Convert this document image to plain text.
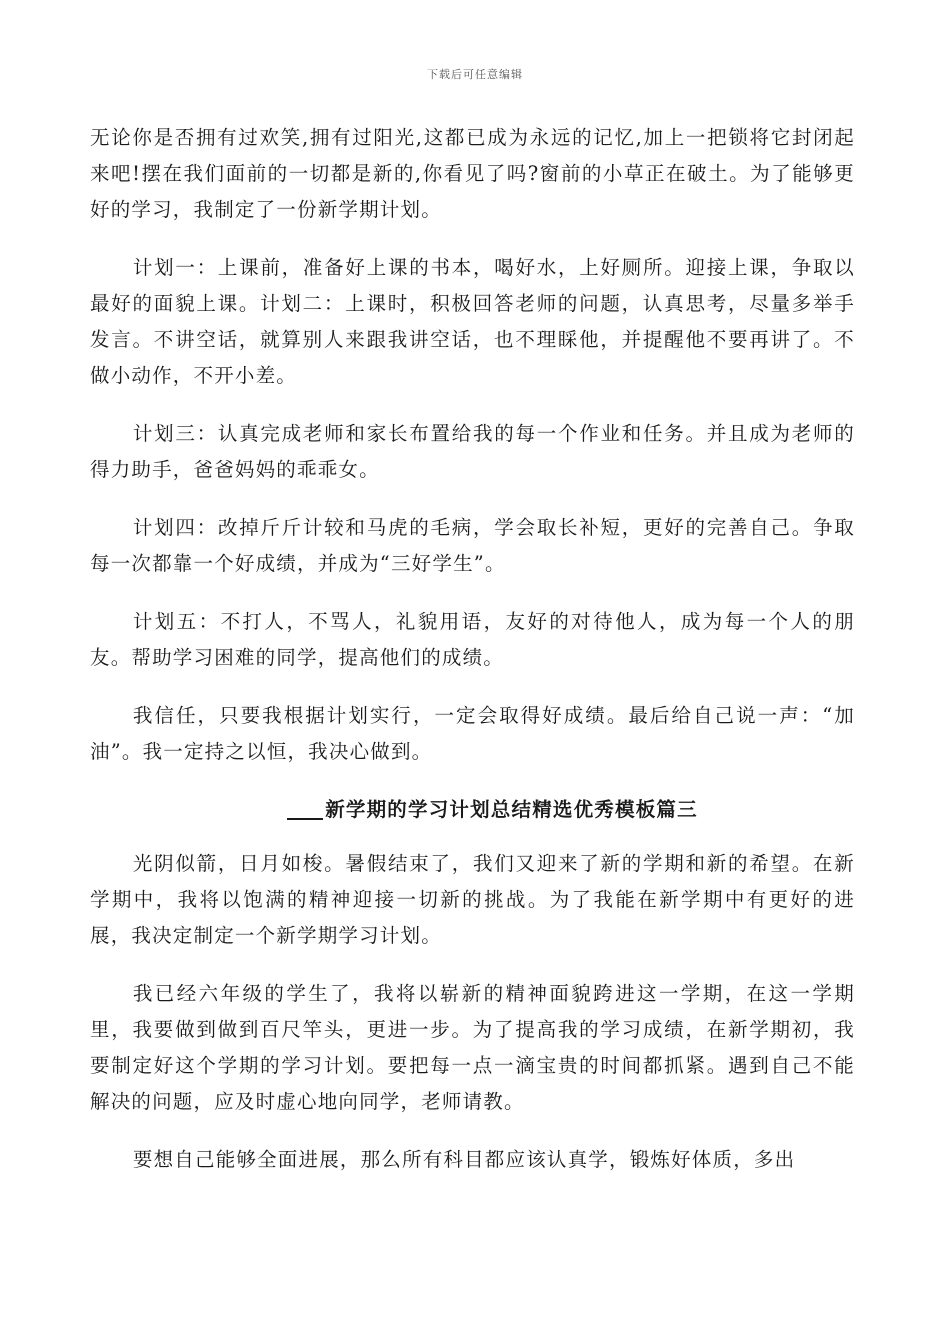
下载后可任意编辑

无论你是否拥有过欢笑,拥有过阳光,这都已成为永远的记忆,加上一把锁将它封闭起来吧!摆在我们面前的一切都是新的,你看见了吗?窗前的小草正在破土。为了能够更好的学习，我制定了一份新学期计划。

计划一：上课前，准备好上课的书本，喝好水，上好厕所。迎接上课，争取以最好的面貌上课。计划二：上课时，积极回答老师的问题，认真思考，尽量多举手发言。不讲空话，就算别人来跟我讲空话，也不理睬他，并提醒他不要再讲了。不做小动作，不开小差。

计划三：认真完成老师和家长布置给我的每一个作业和任务。并且成为老师的得力助手，爸爸妈妈的乖乖女。

计划四：改掉斤斤计较和马虎的毛病，学会取长补短，更好的完善自己。争取每一次都靠一个好成绩，并成为“三好学生”。

计划五：不打人，不骂人，礼貌用语，友好的对待他人，成为每一个人的朋友。帮助学习困难的同学，提高他们的成绩。

我信任，只要我根据计划实行，一定会取得好成绩。最后给自己说一声：“加油”。我一定持之以恒，我决心做到。

新学期的学习计划总结精选优秀模板篇三

光阴似箭，日月如梭。暑假结束了，我们又迎来了新的学期和新的希望。在新学期中，我将以饱满的精神迎接一切新的挑战。为了我能在新学期中有更好的进展，我决定制定一个新学期学习计划。

我已经六年级的学生了，我将以崭新的精神面貌跨进这一学期，在这一学期里，我要做到做到百尺竿头，更进一步。为了提高我的学习成绩，在新学期初，我要制定好这个学期的学习计划。要把每一点一滴宝贵的时间都抓紧。遇到自己不能解决的问题，应及时虚心地向同学，老师请教。

要想自己能够全面进展，那么所有科目都应该认真学，锻炼好体质，多出
